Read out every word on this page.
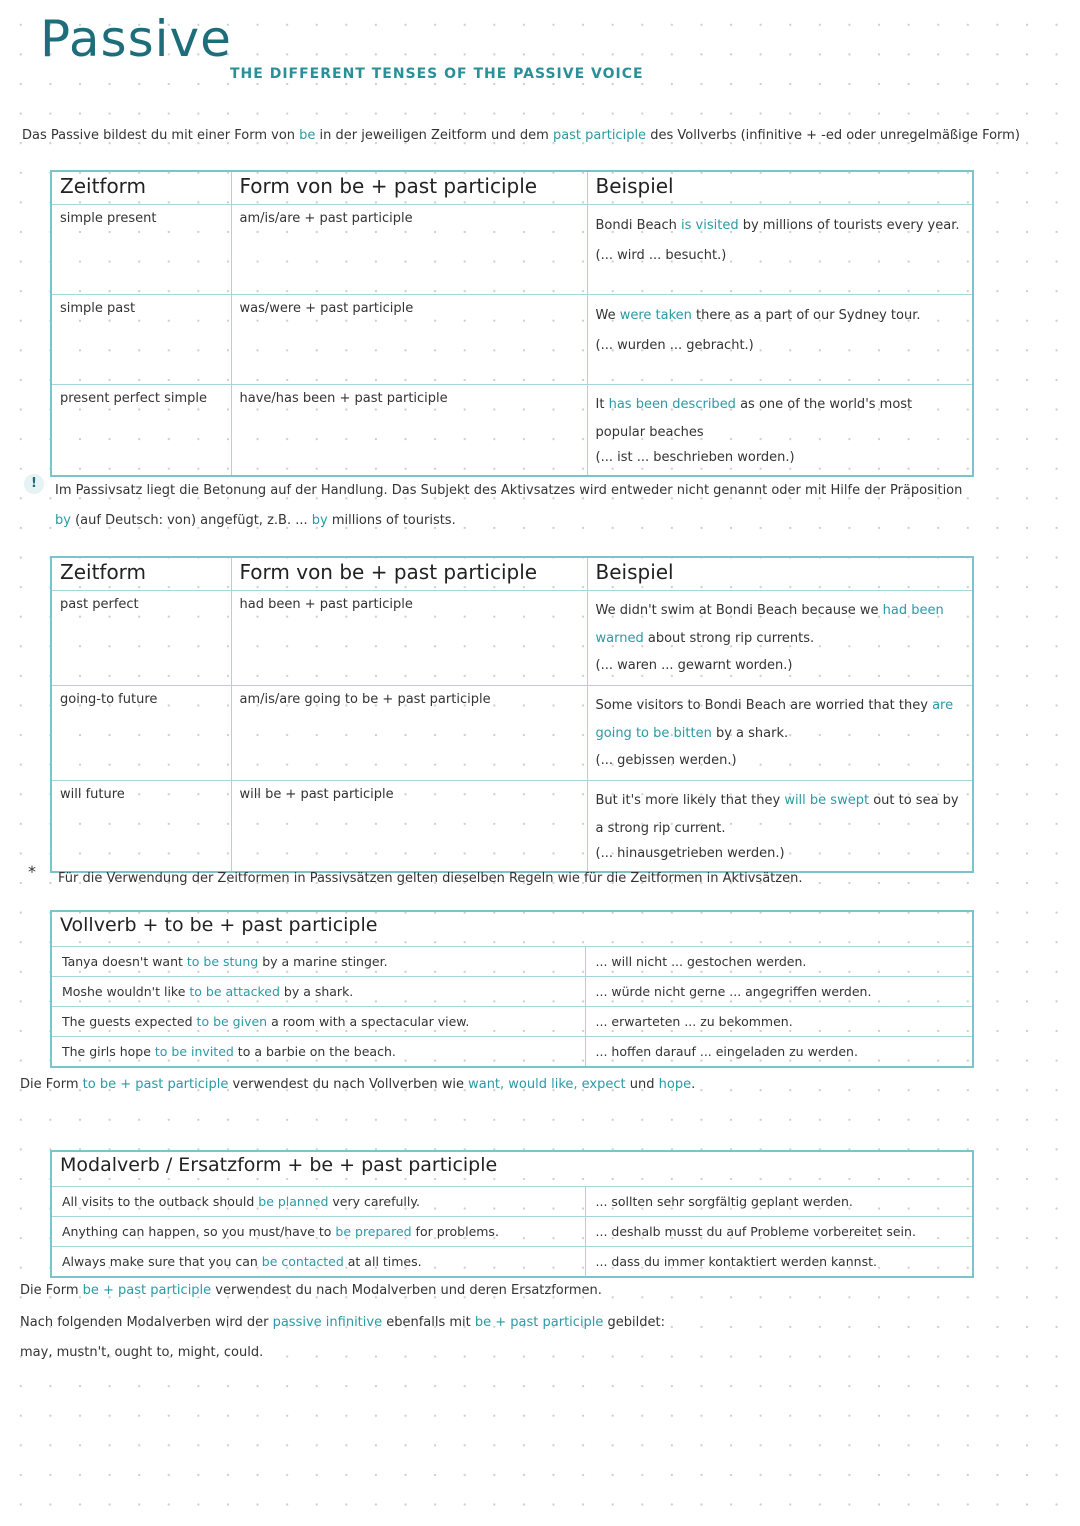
Passive
THE DIFFERENT TENSES OF THE PASSIVE VOICE
Das Passive bildest du mit einer Form von be in der jeweiligen Zeitform und dem past participle des Vollverbs (infinitive + -ed oder unregelmäßige Form)
Zeitform	Form von be + past participle	Beispiel
simple present	am/is/are + past participle	Bondi Beach is visited by millions of tourists every year.
(... wird ... besucht.)

simple past	was/were + past participle	We were taken there as a part of our Sydney tour.
(... wurden ... gebracht.)

present perfect simple	have/has been + past participle	It has been described as one of the world's most popular beaches
(... ist ... beschrieben worden.)
!	Im Passivsatz liegt die Betonung auf der Handlung. Das Subjekt des Aktivsatzes wird entweder nicht genannt oder mit Hilfe der Präposition by (auf Deutsch: von) angefügt, z.B. ... by millions of tourists.
Zeitform	Form von be + past participle	Beispiel
past perfect	had been + past participle	We didn't swim at Bondi Beach because we had been warned about strong rip currents.
(... waren ... gewarnt worden.)

going-to future	am/is/are going to be + past participle	Some visitors to Bondi Beach are worried that they are going to be bitten by a shark.
(... gebissen werden.)

will future	will be + past participle	But it's more likely that they will be swept out to sea by a strong rip current.
(... hinausgetrieben werden.)
* Für die Verwendung der Zeitformen in Passivsätzen gelten dieselben Regeln wie für die Zeitformen in Aktivsätzen.
Vollverb + to be + past participle	
Tanya doesn't want to be stung by a marine stinger.	... will nicht ... gestochen werden.
Moshe wouldn't like to be attacked by a shark.	... würde nicht gerne ... angegriffen werden.
The guests expected to be given a room with a spectacular view.	... erwarteten ... zu bekommen.
The girls hope to be invited to a barbie on the beach.	... hoffen darauf ... eingeladen zu werden.
Die Form to be + past participle verwendest du nach Vollverben wie want, would like, expect und hope.
Modalverb / Ersatzform + be + past participle	
All visits to the outback should be planned very carefully.	... sollten sehr sorgfältig geplant werden.
Anything can happen, so you must/have to be prepared for problems.	... deshalb musst du auf Probleme vorbereitet sein.
Always make sure that you can be contacted at all times.	... dass du immer kontaktiert werden kannst.
Die Form be + past participle verwendest du nach Modalverben und deren Ersatzformen.
Nach folgenden Modalverben wird der passive infinitive ebenfalls mit be + past participle gebildet:
may, mustn't, ought to, might, could.
